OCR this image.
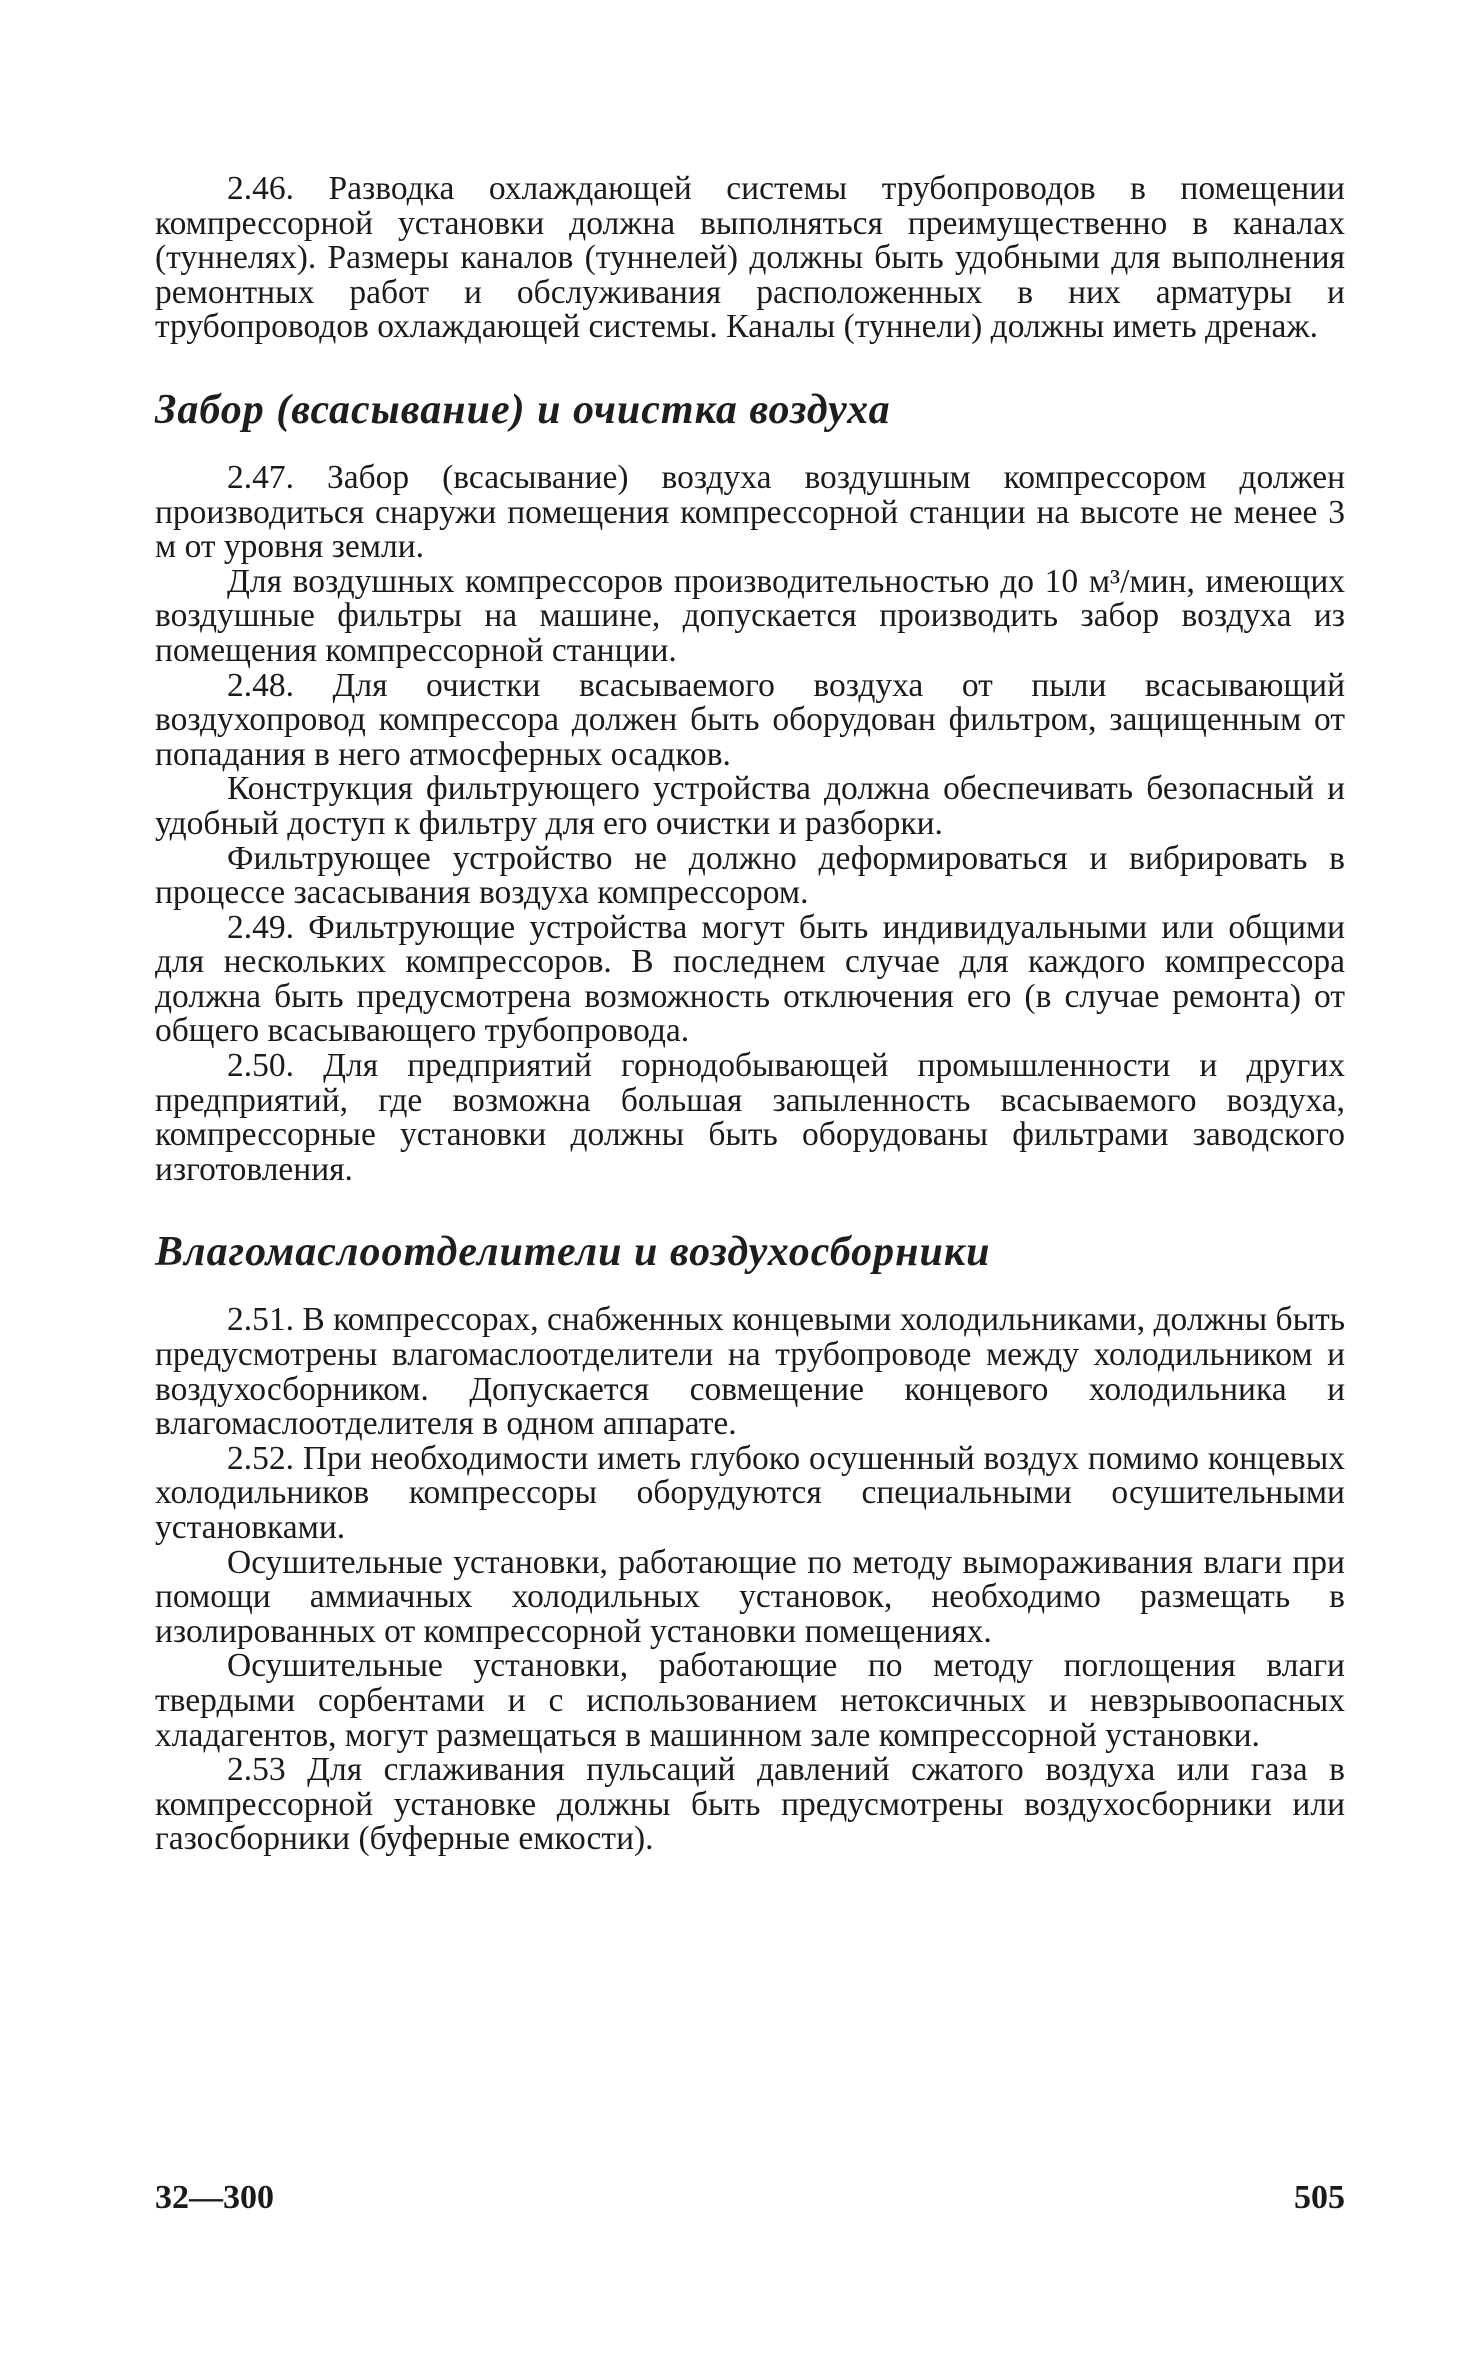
2.46. Разводка охлаждающей системы трубопроводов в помещении компрессорной установки должна выполняться преимущественно в каналах (туннелях). Размеры каналов (туннелей) должны быть удобными для выполнения ремонтных работ и обслуживания расположенных в них арматуры и трубопроводов охлаждающей системы. Каналы (туннели) должны иметь дренаж.

Забор (всасывание) и очистка воздуха

2.47. Забор (всасывание) воздуха воздушным компрессором должен производиться снаружи помещения компрессорной станции на высоте не менее 3 м от уровня земли.

Для воздушных компрессоров производительностью до 10 м³/мин, имеющих воздушные фильтры на машине, допускается производить забор воздуха из помещения компрессорной станции.

2.48. Для очистки всасываемого воздуха от пыли всасывающий воздухопровод компрессора должен быть оборудован фильтром, защищенным от попадания в него атмосферных осадков.

Конструкция фильтрующего устройства должна обеспечивать безопасный и удобный доступ к фильтру для его очистки и разборки.

Фильтрующее устройство не должно деформироваться и вибрировать в процессе засасывания воздуха компрессором.

2.49. Фильтрующие устройства могут быть индивидуальными или общими для нескольких компрессоров. В последнем случае для каждого компрессора должна быть предусмотрена возможность отключения его (в случае ремонта) от общего всасывающего трубопровода.

2.50. Для предприятий горнодобывающей промышленности и других предприятий, где возможна большая запыленность всасываемого воздуха, компрессорные установки должны быть оборудованы фильтрами заводского изготовления.

Влагомаслоотделители и воздухосборники

2.51. В компрессорах, снабженных концевыми холодильниками, должны быть предусмотрены влагомаслоотделители на трубопроводе между холодильником и воздухосборником. Допускается совмещение концевого холодильника и влагомаслоотделителя в одном аппарате.

2.52. При необходимости иметь глубоко осушенный воздух помимо концевых холодильников компрессоры оборудуются специальными осушительными установками.

Осушительные установки, работающие по методу вымораживания влаги при помощи аммиачных холодильных установок, необходимо размещать в изолированных от компрессорной установки помещениях.

Осушительные установки, работающие по методу поглощения влаги твердыми сорбентами и с использованием нетоксичных и невзрывоопасных хладагентов, могут размещаться в машинном зале компрессорной установки.

2.53 Для сглаживания пульсаций давлений сжатого воздуха или газа в компрессорной установке должны быть предусмотрены воздухосборники или газосборники (буферные емкости).

32—300	505
